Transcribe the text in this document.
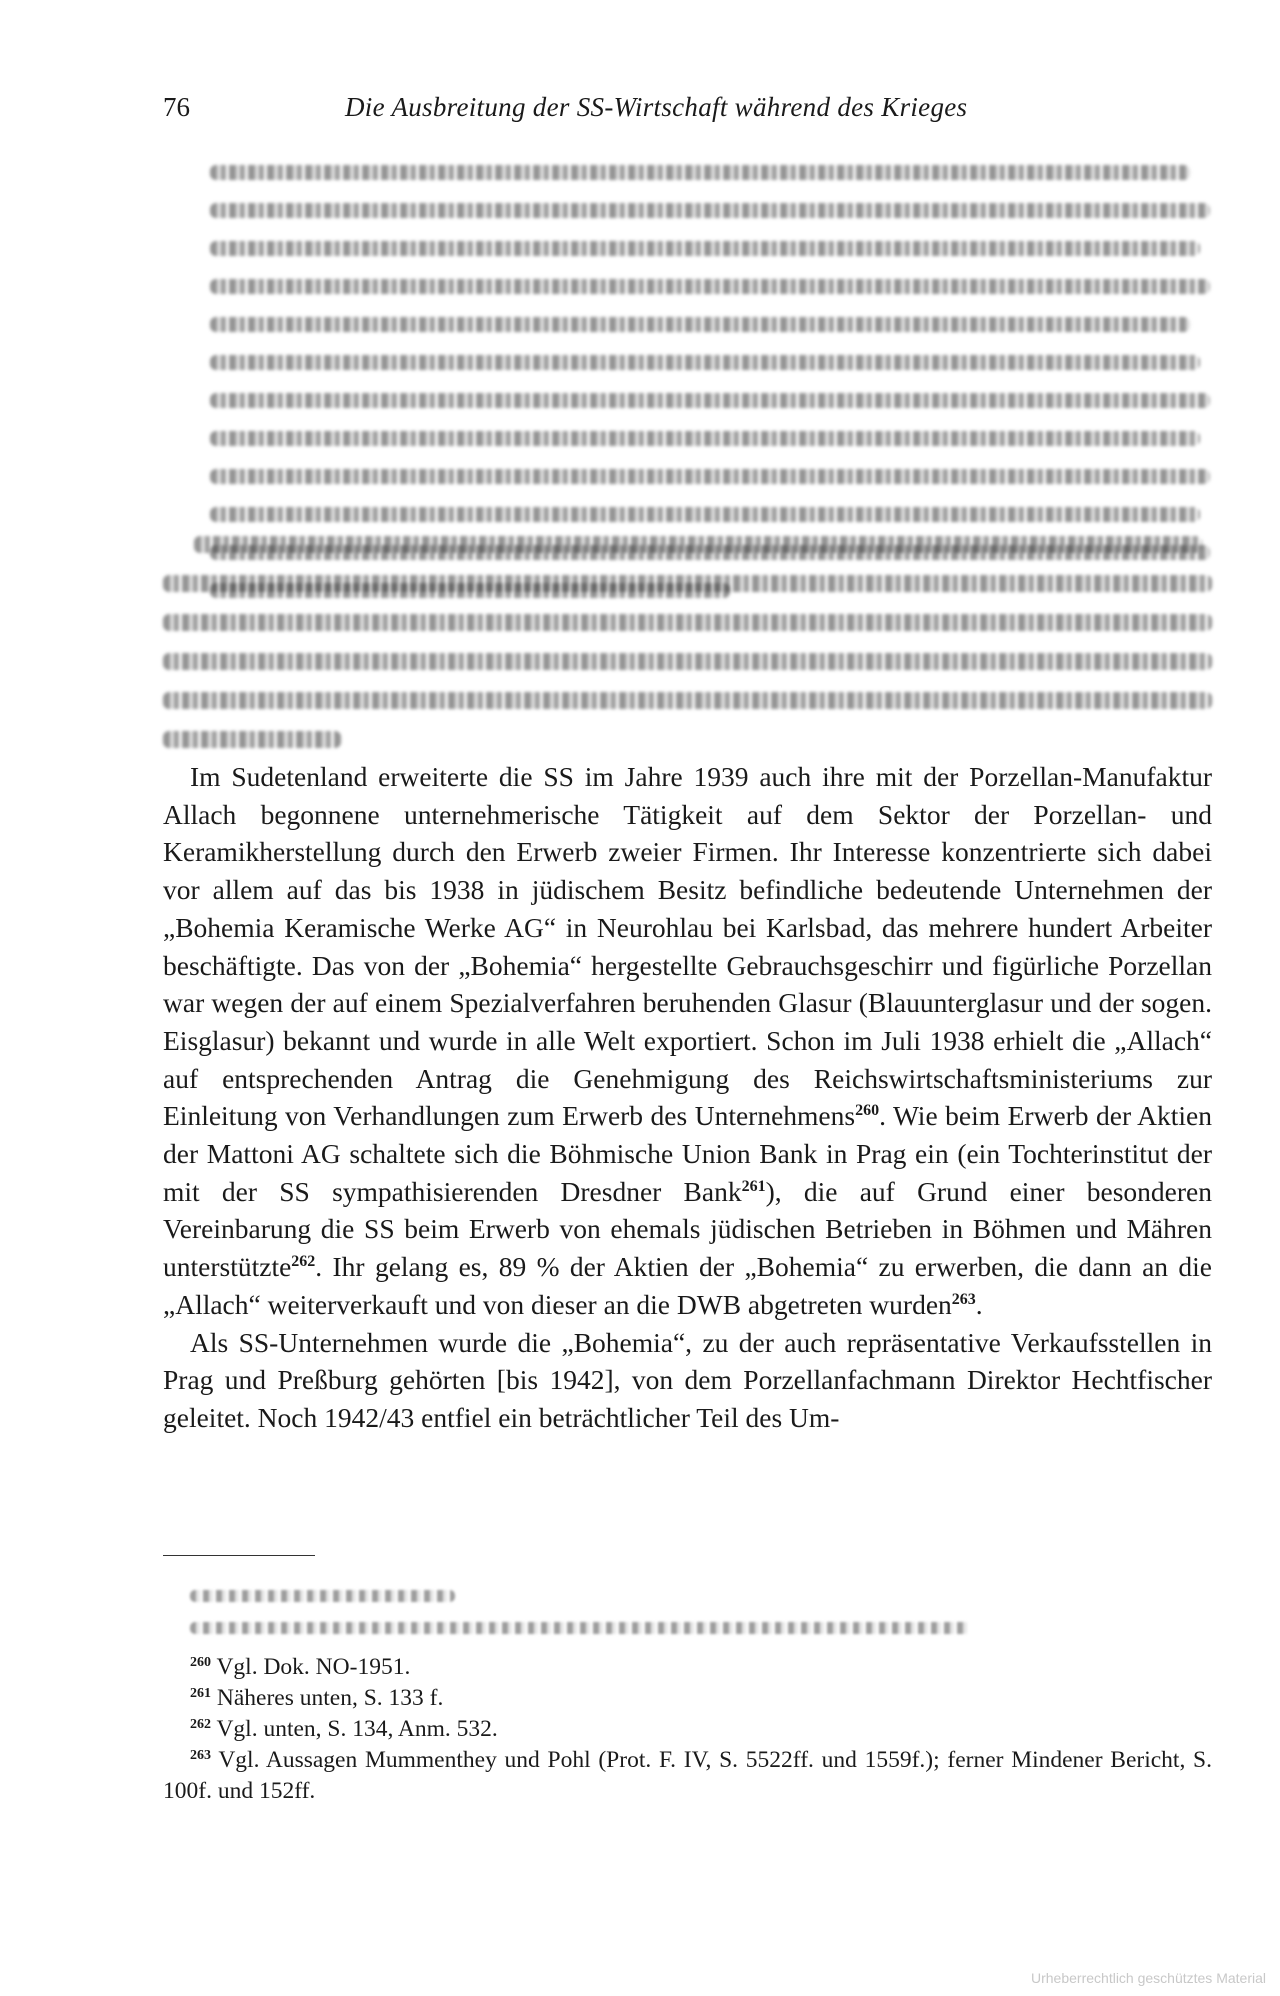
76	Die Ausbreitung der SS-Wirtschaft während des Krieges

Im Sudetenland erweiterte die SS im Jahre 1939 auch ihre mit der Porzellan-Manufaktur Allach begonnene unternehmerische Tätigkeit auf dem Sektor der Porzellan- und Keramikherstellung durch den Erwerb zweier Firmen. Ihr Interesse konzentrierte sich dabei vor allem auf das bis 1938 in jüdischem Besitz befindliche bedeutende Unternehmen der „Bohemia Keramische Werke AG“ in Neurohlau bei Karlsbad, das mehrere hundert Arbeiter beschäftigte. Das von der „Bohemia“ hergestellte Gebrauchsgeschirr und figürliche Porzellan war wegen der auf einem Spezialverfahren beruhenden Glasur (Blauunterglasur und der sogen. Eisglasur) bekannt und wurde in alle Welt exportiert. Schon im Juli 1938 erhielt die „Allach“ auf entsprechenden Antrag die Genehmigung des Reichswirtschaftsministeriums zur Einleitung von Verhandlungen zum Erwerb des Unternehmens$^{260}$. Wie beim Erwerb der Aktien der Mattoni AG schaltete sich die Böhmische Union Bank in Prag ein (ein Tochterinstitut der mit der SS sympathisierenden Dresdner Bank$^{261}$), die auf Grund einer besonderen Vereinbarung die SS beim Erwerb von ehemals jüdischen Betrieben in Böhmen und Mähren unterstützte$^{262}$. Ihr gelang es, 89 % der Aktien der „Bohemia“ zu erwerben, die dann an die „Allach“ weiterverkauft und von dieser an die DWB abgetreten wurden$^{263}$.

Als SS-Unternehmen wurde die „Bohemia“, zu der auch repräsentative Verkaufsstellen in Prag und Preßburg gehörten [bis 1942], von dem Porzellanfachmann Direktor Hechtfischer geleitet. Noch 1942/43 entfiel ein beträchtlicher Teil des Um-

$^{260}$ Vgl. Dok. NO-1951.

$^{261}$ Näheres unten, S. 133 f.

$^{262}$ Vgl. unten, S. 134, Anm. 532.

$^{263}$ Vgl. Aussagen Mummenthey und Pohl (Prot. F. IV, S. 5522ff. und 1559f.); ferner Mindener Bericht, S. 100f. und 152ff.

Urheberrechtlich geschütztes Material
